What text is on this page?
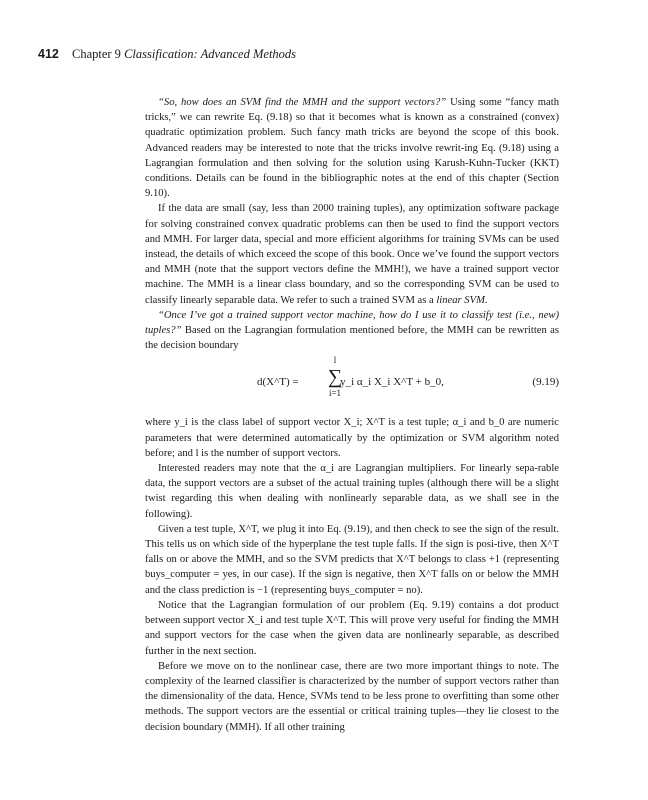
412 Chapter 9 Classification: Advanced Methods

“So, how does an SVM find the MMH and the support vectors?” Using some “fancy math tricks,” we can rewrite Eq. (9.18) so that it becomes what is known as a constrained (convex) quadratic optimization problem. Such fancy math tricks are beyond the scope of this book. Advanced readers may be interested to note that the tricks involve rewrit-ing Eq. (9.18) using a Lagrangian formulation and then solving for the solution using Karush-Kuhn-Tucker (KKT) conditions. Details can be found in the bibliographic notes at the end of this chapter (Section 9.10).

If the data are small (say, less than 2000 training tuples), any optimization software package for solving constrained convex quadratic problems can then be used to find the support vectors and MMH. For larger data, special and more efficient algorithms for training SVMs can be used instead, the details of which exceed the scope of this book. Once we’ve found the support vectors and MMH (note that the support vectors define the MMH!), we have a trained support vector machine. The MMH is a linear class boundary, and so the corresponding SVM can be used to classify linearly separable data. We refer to such a trained SVM as a linear SVM.

“Once I’ve got a trained support vector machine, how do I use it to classify test (i.e., new) tuples?” Based on the Lagrangian formulation mentioned before, the MMH can be rewritten as the decision boundary

l
∑
i=1
d(X^T) =	y_i α_i X_i X^T + b_0,	(9.19)

where y_i is the class label of support vector X_i; X^T is a test tuple; α_i and b_0 are numeric parameters that were determined automatically by the optimization or SVM algorithm noted before; and l is the number of support vectors.

Interested readers may note that the α_i are Lagrangian multipliers. For linearly sepa-rable data, the support vectors are a subset of the actual training tuples (although there will be a slight twist regarding this when dealing with nonlinearly separable data, as we shall see in the following).

Given a test tuple, X^T, we plug it into Eq. (9.19), and then check to see the sign of the result. This tells us on which side of the hyperplane the test tuple falls. If the sign is posi-tive, then X^T falls on or above the MMH, and so the SVM predicts that X^T belongs to class +1 (representing buys_computer = yes, in our case). If the sign is negative, then X^T falls on or below the MMH and the class prediction is −1 (representing buys_computer = no).

Notice that the Lagrangian formulation of our problem (Eq. 9.19) contains a dot product between support vector X_i and test tuple X^T. This will prove very useful for finding the MMH and support vectors for the case when the given data are nonlinearly separable, as described further in the next section.

Before we move on to the nonlinear case, there are two more important things to note. The complexity of the learned classifier is characterized by the number of support vectors rather than the dimensionality of the data. Hence, SVMs tend to be less prone to overfitting than some other methods. The support vectors are the essential or critical training tuples—they lie closest to the decision boundary (MMH). If all other training
